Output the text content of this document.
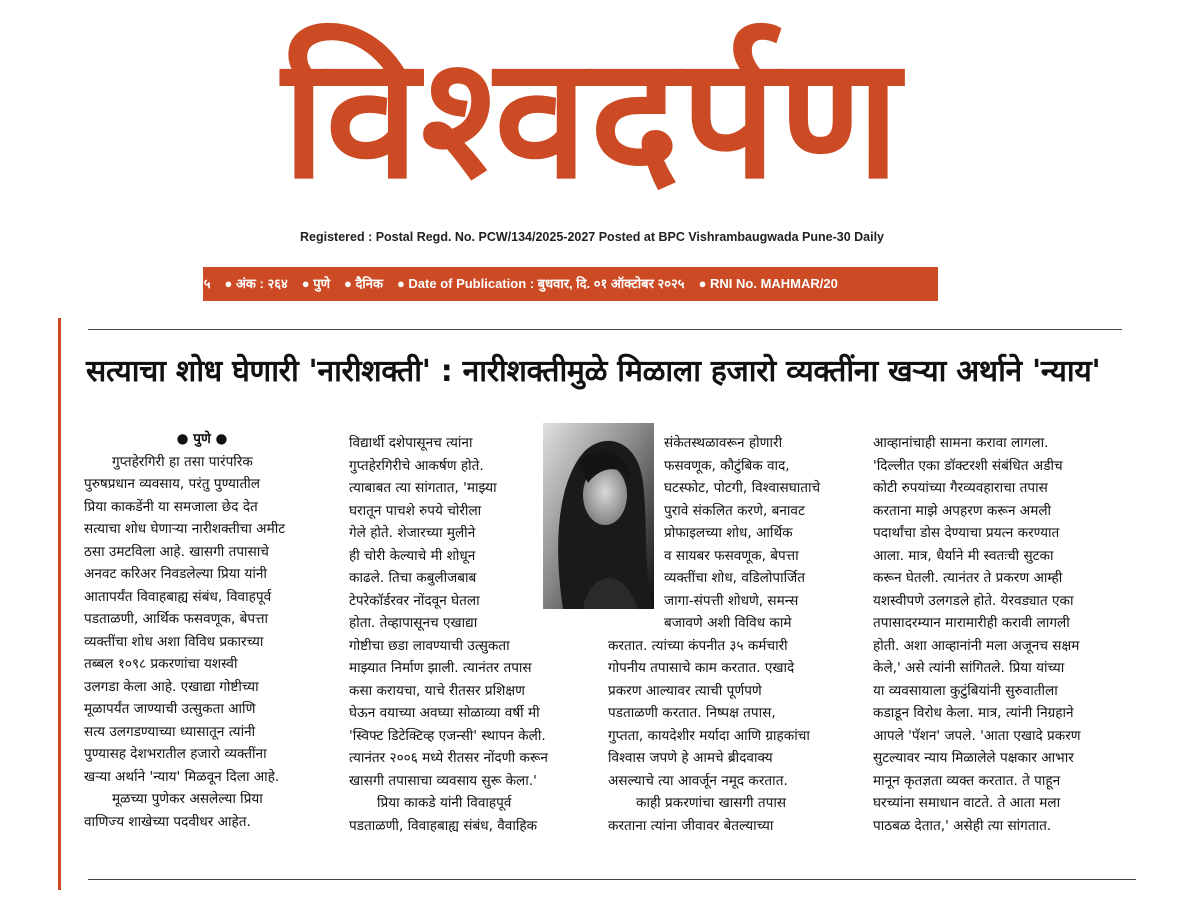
विश्वदर्पण
Registered : Postal Regd. No. PCW/134/2025-2027 Posted at BPC Vishrambaugwada Pune-30 Daily
१५ ● अंक : २६४ ● पुणे ● दैनिक ● Date of Publication : बुधवार, दि. ०१ ऑक्टोबर २०२५ ● RNI No. MAHMAR/20
सत्याचा शोध घेणारी 'नारीशक्ती' : नारीशक्तीमुळे मिळाला हजारो व्यक्तींना खऱ्या अर्थाने 'न्याय'

● पुणे ●

गुप्तहेरगिरी हा तसा पारंपरिक

पुरुषप्रधान व्यवसाय, परंतु पुण्यातील

प्रिया काकडेंनी या समजाला छेद देत

सत्याचा शोध घेणाऱ्या नारीशक्तीचा अमीट

ठसा उमटविला आहे. खासगी तपासाचे

अनवट करिअर निवडलेल्या प्रिया यांनी

आतापर्यंत विवाहबाह्य संबंध, विवाहपूर्व

पडताळणी, आर्थिक फसवणूक, बेपत्ता

व्यक्तींचा शोध अशा विविध प्रकारच्या

तब्बल १०९८ प्रकरणांचा यशस्वी

उलगडा केला आहे. एखाद्या गोष्टीच्या

मूळापर्यंत जाण्याची उत्सुकता आणि

सत्य उलगडण्याच्या ध्यासातून त्यांनी

पुण्यासह देशभरातील हजारो व्यक्तींना

खऱ्या अर्थाने 'न्याय' मिळवून दिला आहे.

मूळच्या पुणेकर असलेल्या प्रिया

वाणिज्य शाखेच्या पदवीधर आहेत.

विद्यार्थी दशेपासूनच त्यांना

गुप्तहेरगिरीचे आकर्षण होते.

त्याबाबत त्या सांगतात, 'माझ्या

घरातून पाचशे रुपये चोरीला

गेले होते. शेजारच्या मुलीने

ही चोरी केल्याचे मी शोधून

काढले. तिचा कबुलीजबाब

टेपरेकॉर्डरवर नोंदवून घेतला

होता. तेव्हापासूनच एखाद्या

गोष्टीचा छडा लावण्याची उत्सुकता

माझ्यात निर्माण झाली. त्यानंतर तपास

कसा करायचा, याचे रीतसर प्रशिक्षण

घेऊन वयाच्या अवघ्या सोळाव्या वर्षी मी

'स्विफ्ट डिटेक्टिव्ह एजन्सी' स्थापन केली.

त्यानंतर २००६ मध्ये रीतसर नोंदणी करून

खासगी तपासाचा व्यवसाय सुरू केला.'

प्रिया काकडे यांनी विवाहपूर्व

पडताळणी, विवाहबाह्य संबंध, वैवाहिक

संकेतस्थळावरून होणारी

फसवणूक, कौटुंबिक वाद,

घटस्फोट, पोटगी, विश्वासघाताचे

पुरावे संकलित करणे, बनावट

प्रोफाइलच्या शोध, आर्थिक

व सायबर फसवणूक, बेपत्ता

व्यक्तींचा शोध, वडिलोपार्जित

जागा-संपत्ती शोधणे, समन्स

बजावणे अशी विविध कामे

करतात. त्यांच्या कंपनीत ३५ कर्मचारी

गोपनीय तपासाचे काम करतात. एखादे

प्रकरण आल्यावर त्याची पूर्णपणे

पडताळणी करतात. निष्पक्ष तपास,

गुप्तता, कायदेशीर मर्यादा आणि ग्राहकांचा

विश्वास जपणे हे आमचे ब्रीदवाक्य

असल्याचे त्या आवर्जून नमूद करतात.

काही प्रकरणांचा खासगी तपास

करताना त्यांना जीवावर बेतल्याच्या

आव्हानांचाही सामना करावा लागला.

'दिल्लीत एका डॉक्टरशी संबंधित अडीच

कोटी रुपयांच्या गैरव्यवहाराचा तपास

करताना माझे अपहरण करून अमली

पदार्थांचा डोस देण्याचा प्रयत्न करण्यात

आला. मात्र, धैर्याने मी स्वतःची सुटका

करून घेतली. त्यानंतर ते प्रकरण आम्ही

यशस्वीपणे उलगडले होते. येरवड्यात एका

तपासादरम्यान मारामारीही करावी लागली

होती. अशा आव्हानांनी मला अजूनच सक्षम

केले,' असे त्यांनी सांगितले. प्रिया यांच्या

या व्यवसायाला कुटुंबियांनी सुरुवातीला

कडाडून विरोध केला. मात्र, त्यांनी निग्रहाने

आपले 'पॅशन' जपले. 'आता एखादे प्रकरण

सुटल्यावर न्याय मिळालेले पक्षकार आभार

मानून कृतज्ञता व्यक्त करतात. ते पाहून

घरच्यांना समाधान वाटते. ते आता मला

पाठबळ देतात,' असेही त्या सांगतात.
